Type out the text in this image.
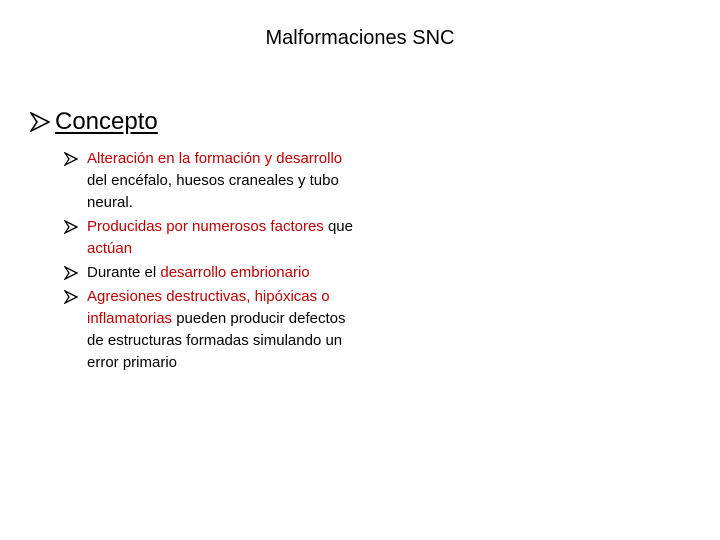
Malformaciones SNC
Concepto
Alteración en la formación y desarrollo del encéfalo, huesos craneales y tubo neural.
Producidas por numerosos factores que actúan
Durante el desarrollo embrionario
Agresiones destructivas, hipóxicas o inflamatorias pueden producir defectos de estructuras formadas simulando un error primario
